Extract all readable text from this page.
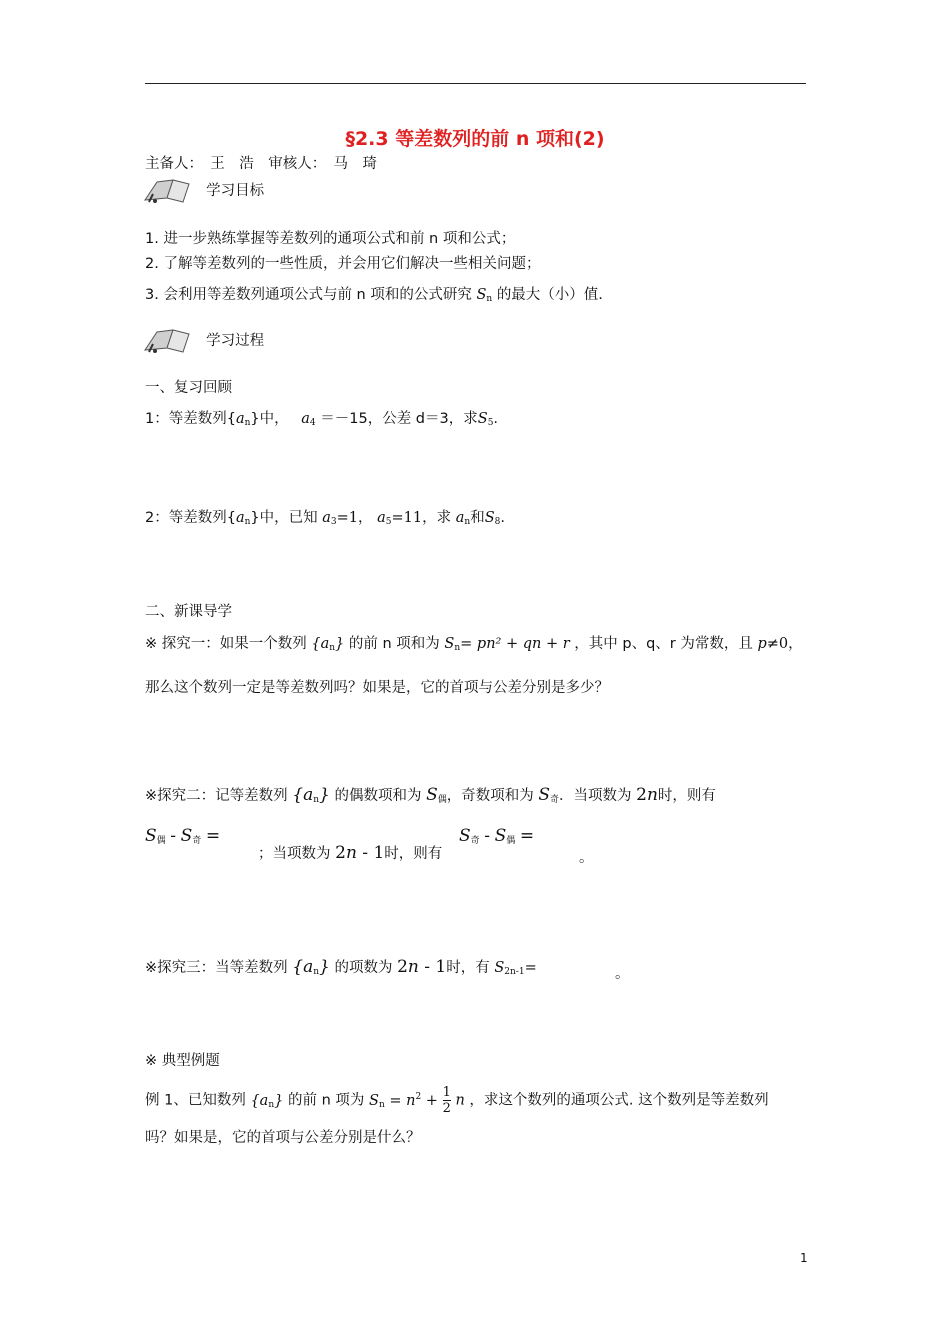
§2.3 等差数列的前 n 项和(2)
主备人：　王　浩　审核人：　马　琦
学习目标
1. 进一步熟练掌握等差数列的通项公式和前 n 项和公式；
2. 了解等差数列的一些性质，并会用它们解决一些相关问题；
3. 会利用等差数列通项公式与前 n 项和的公式研究 $S_n$ 的最大（小）值.
学习过程
一、复习回顾
1：等差数列$\{a_n\}$中， $a_4 =-15$，公差 d＝3，求$S_5$.
2：等差数列$\{a_n\}$中，已知 $a_3=1$， $a_5=11$，求 $a_n$和$S_8$.
二、新课导学
※ 探究一：如果一个数列 $\{a_n\}$ 的前 n 项和为 $S_n= pn^2$ + qn + r ，其中 p、q、r 为常数，且 p≠0，
那么这个数列一定是等差数列吗？如果是，它的首项与公差分别是多少？
※探究二：记等差数列 $\{a_n\}$ 的偶数项和为 $S_偶$，奇数项和为 $S_奇$．当项数为 2n时，则有
$S_偶 - S_奇$ =
；当项数为 2n - 1时，则有
$S_奇 - S_偶$ =
。
※探究三：当等差数列 $\{a_n\}$ 的项数为 2n - 1时，有 $S_{2n-1}=$	。
※ 典型例题
例 1、已知数列 $\{a_n\}$ 的前 n 项为 $S_n = n^2 + \frac{1}{2}$ n ，求这个数列的通项公式. 这个数列是等差数列
吗？如果是，它的首项与公差分别是什么？
1
